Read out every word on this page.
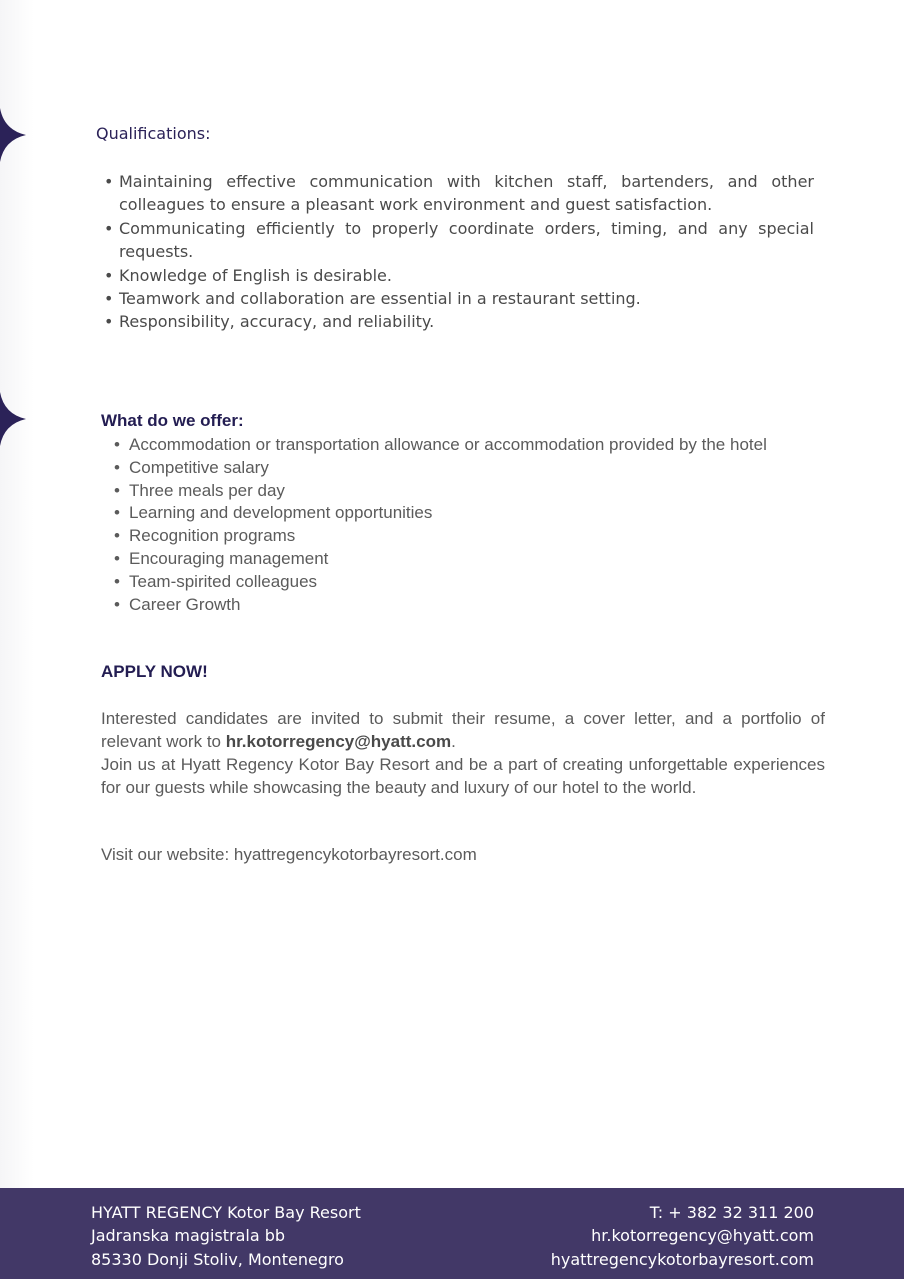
Qualifications:
• Maintaining effective communication with kitchen staff, bartenders, and other colleagues to ensure a pleasant work environment and guest satisfaction.
• Communicating efficiently to properly coordinate orders, timing, and any special requests.
• Knowledge of English is desirable.
• Teamwork and collaboration are essential in a restaurant setting.
• Responsibility, accuracy, and reliability.
What do we offer:
• Accommodation or transportation allowance or accommodation provided by the hotel
• Competitive salary
• Three meals per day
• Learning and development opportunities
• Recognition programs
• Encouraging management
• Team-spirited colleagues
• Career Growth
APPLY NOW!

Interested candidates are invited to submit their resume, a cover letter, and a portfolio of relevant work to hr.kotorregency@hyatt.com.
Join us at Hyatt Regency Kotor Bay Resort and be a part of creating unforgettable experiences for our guests while showcasing the beauty and luxury of our hotel to the world.

Visit our website: hyattregencykotorbayresort.com
HYATT REGENCY Kotor Bay Resort
Jadranska magistrala bb
85330 Donji Stoliv, Montenegro
T: + 382 32 311 200
hr.kotorregency@hyatt.com
hyattregencykotorbayresort.com
